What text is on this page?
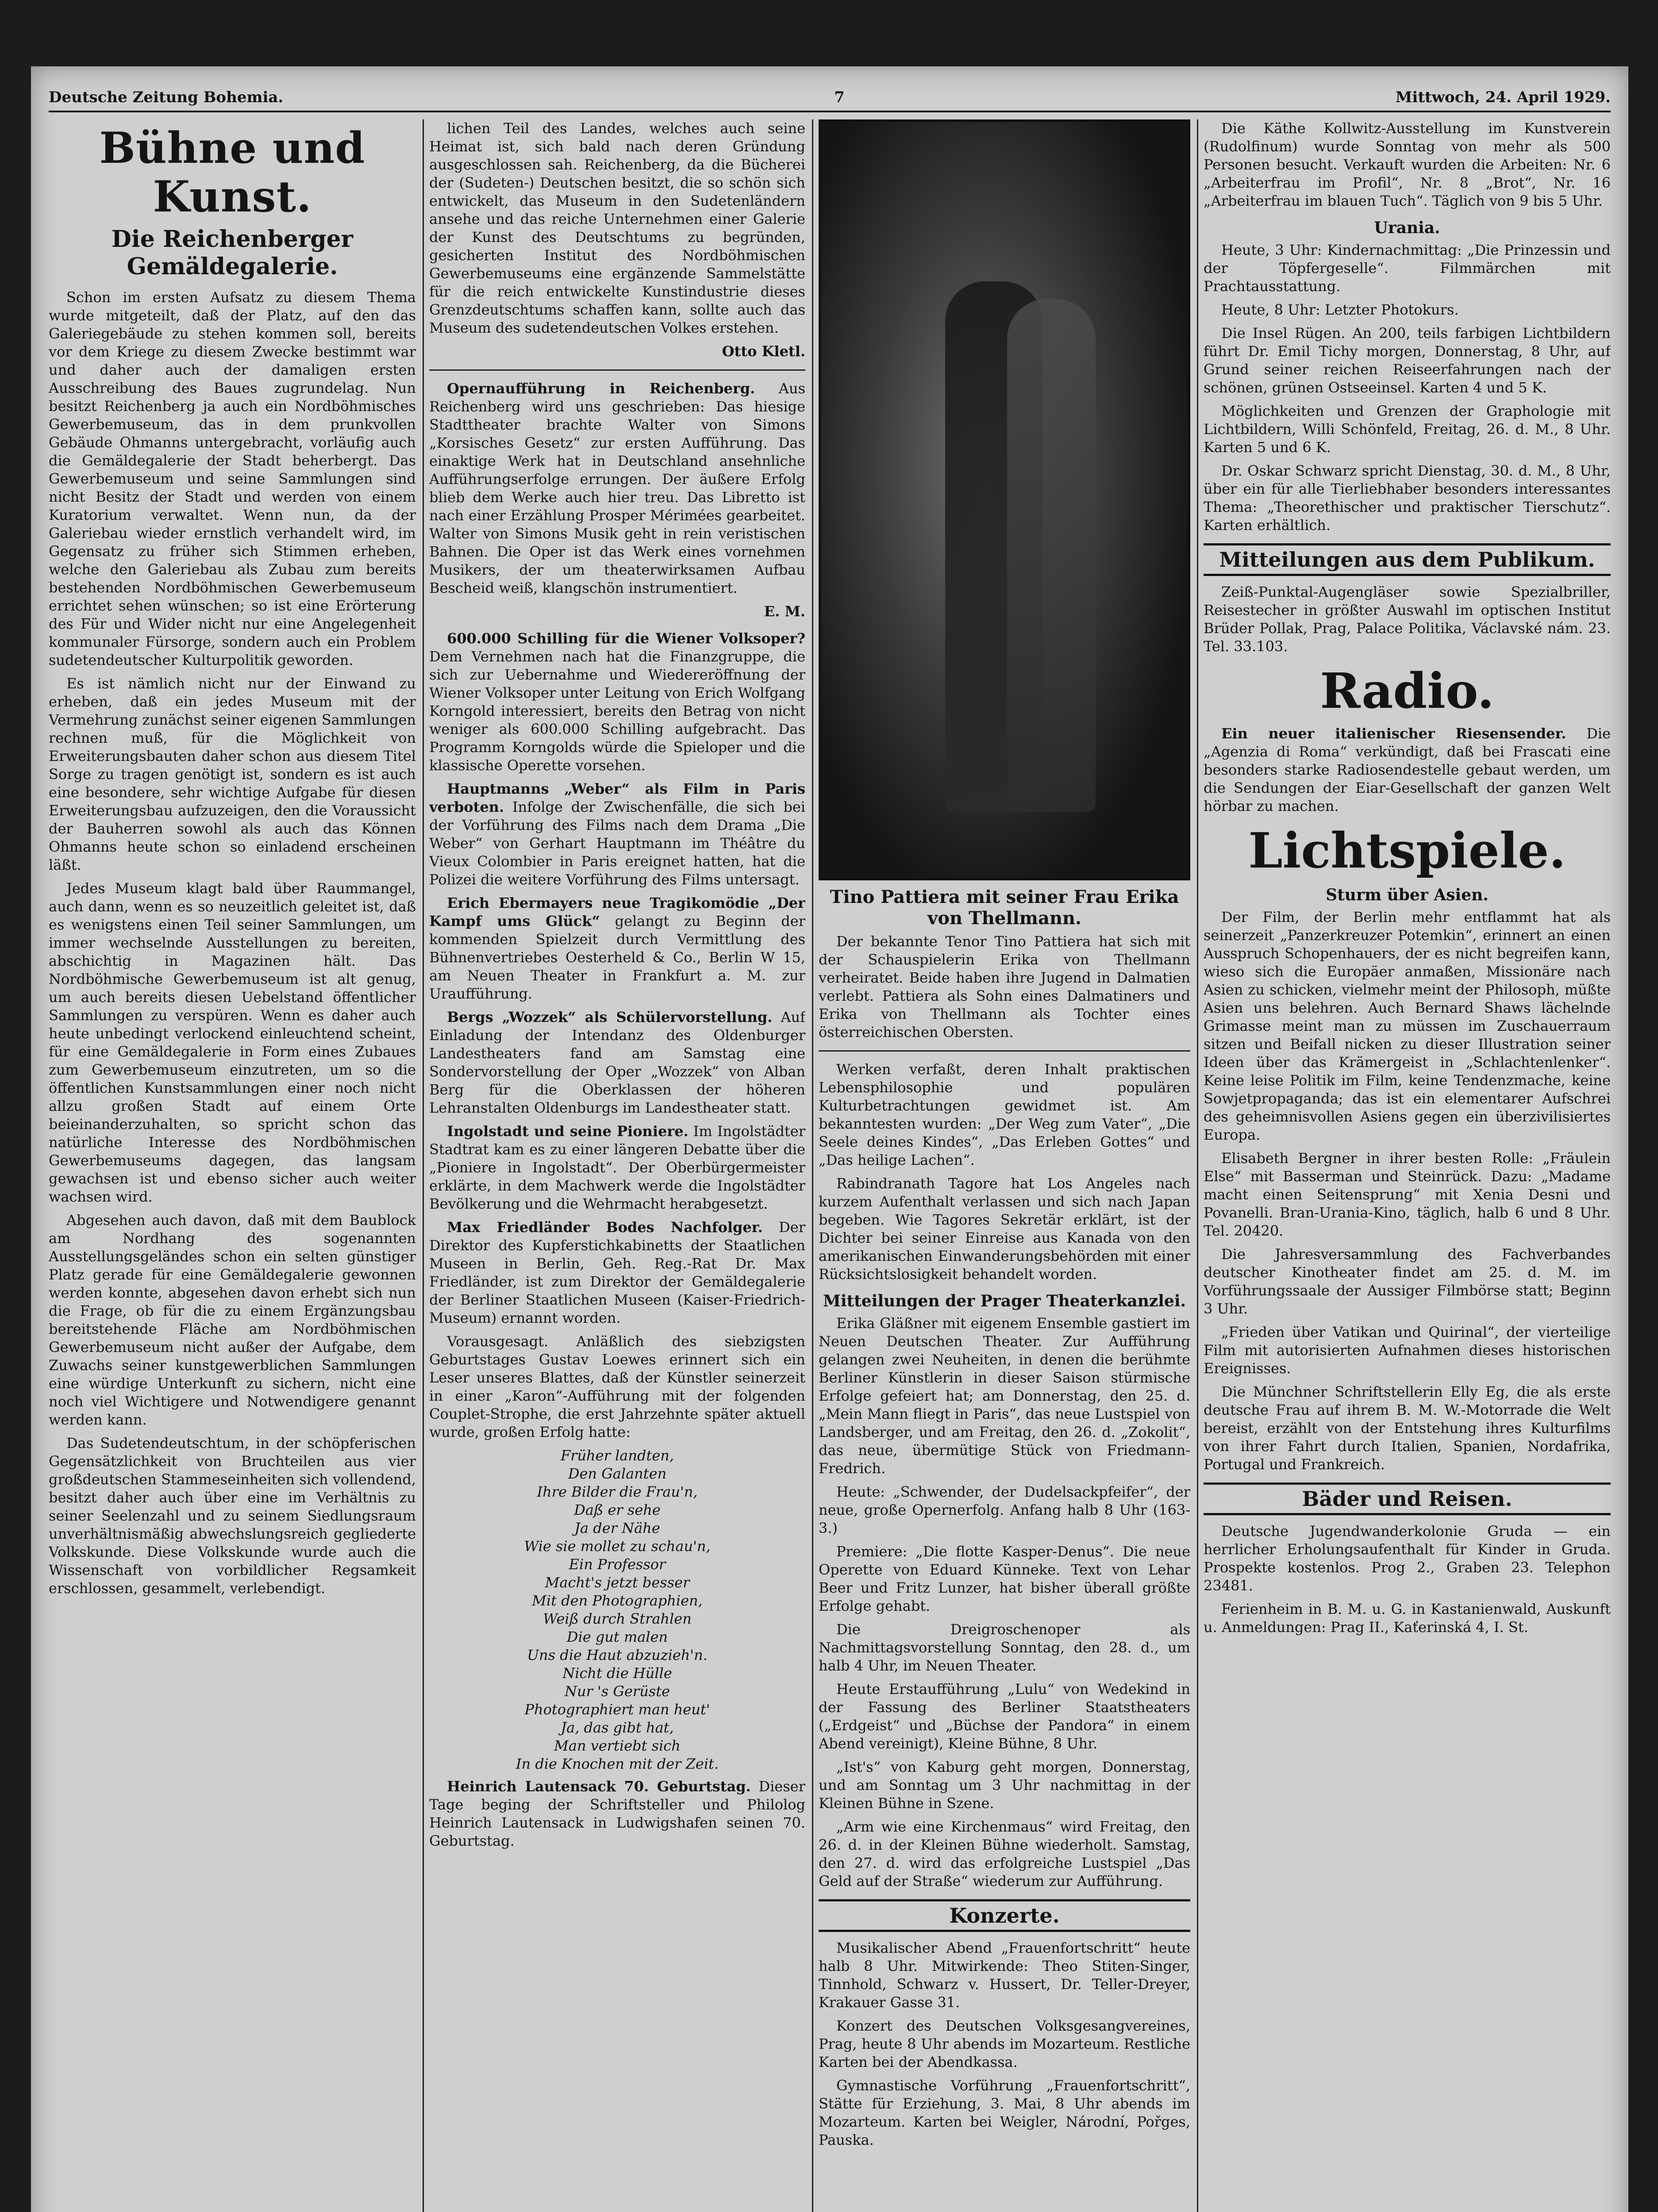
Deutsche Zeitung Bohemia.	7	Mittwoch, 24. April 1929.
Bühne und Kunst.
Die Reichenberger Gemäldegalerie.

Schon im ersten Aufsatz zu diesem Thema wurde mitgeteilt, daß der Platz, auf den das Galeriegebäude zu stehen kommen soll, bereits vor dem Kriege zu diesem Zwecke bestimmt war und daher auch der damaligen ersten Ausschreibung des Baues zugrundelag. Nun besitzt Reichenberg ja auch ein Nordböhmisches Gewerbemuseum, das in dem prunkvollen Gebäude Ohmanns untergebracht, vorläufig auch die Gemäldegalerie der Stadt beherbergt. Das Gewerbemuseum und seine Sammlungen sind nicht Besitz der Stadt und werden von einem Kuratorium verwaltet. Wenn nun, da der Galeriebau wieder ernstlich verhandelt wird, im Gegensatz zu früher sich Stimmen erheben, welche den Galeriebau als Zubau zum bereits bestehenden Nordböhmischen Gewerbemuseum errichtet sehen wünschen; so ist eine Erörterung des Für und Wider nicht nur eine Angelegenheit kommunaler Fürsorge, sondern auch ein Problem sudetendeutscher Kulturpolitik geworden.

Es ist nämlich nicht nur der Einwand zu erheben, daß ein jedes Museum mit der Vermehrung zunächst seiner eigenen Sammlungen rechnen muß, für die Möglichkeit von Erweiterungsbauten daher schon aus diesem Titel Sorge zu tragen genötigt ist, sondern es ist auch eine besondere, sehr wichtige Aufgabe für diesen Erweiterungsbau aufzuzeigen, den die Voraussicht der Bauherren sowohl als auch das Können Ohmanns heute schon so einladend erscheinen läßt.

Jedes Museum klagt bald über Raummangel, auch dann, wenn es so neuzeitlich geleitet ist, daß es wenigstens einen Teil seiner Sammlungen, um immer wechselnde Ausstellungen zu bereiten, abschichtig in Magazinen hält. Das Nordböhmische Gewerbemuseum ist alt genug, um auch bereits diesen Uebelstand öffentlicher Sammlungen zu verspüren. Wenn es daher auch heute unbedingt verlockend einleuchtend scheint, für eine Gemäldegalerie in Form eines Zubaues zum Gewerbemuseum einzutreten, um so die öffentlichen Kunstsammlungen einer noch nicht allzu großen Stadt auf einem Orte beieinanderzuhalten, so spricht schon das natürliche Interesse des Nordböhmischen Gewerbemuseums dagegen, das langsam gewachsen ist und ebenso sicher auch weiter wachsen wird.

Abgesehen auch davon, daß mit dem Baublock am Nordhang des sogenannten Ausstellungsgeländes schon ein selten günstiger Platz gerade für eine Gemäldegalerie gewonnen werden konnte, abgesehen davon erhebt sich nun die Frage, ob für die zu einem Ergänzungsbau bereitstehende Fläche am Nordböhmischen Gewerbemuseum nicht außer der Aufgabe, dem Zuwachs seiner kunstgewerblichen Sammlungen eine würdige Unterkunft zu sichern, nicht eine noch viel Wichtigere und Notwendigere genannt werden kann.

Das Sudetendeutschtum, in der schöpferischen Gegensätzlichkeit von Bruchteilen aus vier großdeutschen Stammeseinheiten sich vollendend, besitzt daher auch über eine im Verhältnis zu seiner Seelenzahl und zu seinem Siedlungsraum unverhältnismäßig abwechslungsreich gegliederte Volkskunde. Diese Volkskunde wurde auch die Wissenschaft von vorbildlicher Regsamkeit erschlossen, gesammelt, verlebendigt.

lichen Teil des Landes, welches auch seine Heimat ist, sich bald nach deren Gründung ausgeschlossen sah. Reichenberg, da die Bücherei der (Sudeten-) Deutschen besitzt, die so schön sich entwickelt, das Museum in den Sudetenländern ansehe und das reiche Unternehmen einer Galerie der Kunst des Deutschtums zu begründen, gesicherten Institut des Nordböhmischen Gewerbemuseums eine ergänzende Sammelstätte für die reich entwickelte Kunstindustrie dieses Grenzdeutschtums schaffen kann, sollte auch das Museum des sudetendeutschen Volkes erstehen.

Otto Kletl.

Opernaufführung in Reichenberg. Aus Reichenberg wird uns geschrieben: Das hiesige Stadttheater brachte Walter von Simons „Korsisches Gesetz“ zur ersten Aufführung. Das einaktige Werk hat in Deutschland ansehnliche Aufführungserfolge errungen. Der äußere Erfolg blieb dem Werke auch hier treu. Das Libretto ist nach einer Erzählung Prosper Mérimées gearbeitet. Walter von Simons Musik geht in rein veristischen Bahnen. Die Oper ist das Werk eines vornehmen Musikers, der um theaterwirksamen Aufbau Bescheid weiß, klangschön instrumentiert.

E. M.

600.000 Schilling für die Wiener Volksoper? Dem Vernehmen nach hat die Finanzgruppe, die sich zur Uebernahme und Wiedereröffnung der Wiener Volksoper unter Leitung von Erich Wolfgang Korngold interessiert, bereits den Betrag von nicht weniger als 600.000 Schilling aufgebracht. Das Programm Korngolds würde die Spieloper und die klassische Operette vorsehen.

Hauptmanns „Weber“ als Film in Paris verboten. Infolge der Zwischenfälle, die sich bei der Vorführung des Films nach dem Drama „Die Weber“ von Gerhart Hauptmann im Théâtre du Vieux Colombier in Paris ereignet hatten, hat die Polizei die weitere Vorführung des Films untersagt.

Erich Ebermayers neue Tragikomödie „Der Kampf ums Glück“ gelangt zu Beginn der kommenden Spielzeit durch Vermittlung des Bühnenvertriebes Oesterheld & Co., Berlin W 15, am Neuen Theater in Frankfurt a. M. zur Uraufführung.

Bergs „Wozzek“ als Schülervorstellung. Auf Einladung der Intendanz des Oldenburger Landestheaters fand am Samstag eine Sondervorstellung der Oper „Wozzek“ von Alban Berg für die Oberklassen der höheren Lehranstalten Oldenburgs im Landestheater statt.

Ingolstadt und seine Pioniere. Im Ingolstädter Stadtrat kam es zu einer längeren Debatte über die „Pioniere in Ingolstadt“. Der Oberbürgermeister erklärte, in dem Machwerk werde die Ingolstädter Bevölkerung und die Wehrmacht herabgesetzt.

Max Friedländer Bodes Nachfolger. Der Direktor des Kupferstichkabinetts der Staatlichen Museen in Berlin, Geh. Reg.-Rat Dr. Max Friedländer, ist zum Direktor der Gemäldegalerie der Berliner Staatlichen Museen (Kaiser-Friedrich-Museum) ernannt worden.

Vorausgesagt. Anläßlich des siebzigsten Geburtstages Gustav Loewes erinnert sich ein Leser unseres Blattes, daß der Künstler seinerzeit in einer „Karon“-Aufführung mit der folgenden Couplet-Strophe, die erst Jahrzehnte später aktuell wurde, großen Erfolg hatte:

Früher landten,
Den Galanten
Ihre Bilder die Frau'n,
Daß er sehe
Ja der Nähe
Wie sie mollet zu schau'n,
Ein Professor
Macht's jetzt besser
Mit den Photographien,
Weiß durch Strahlen
Die gut malen
Uns die Haut abzuzieh'n.
Nicht die Hülle
Nur 's Gerüste
Photographiert man heut'
Ja, das gibt hat,
Man vertiebt sich
In die Knochen mit der Zeit.

Heinrich Lautensack 70. Geburtstag. Dieser Tage beging der Schriftsteller und Philolog Heinrich Lautensack in Ludwigshafen seinen 70. Geburtstag.

Tino Pattiera mit seiner Frau Erika von Thellmann.

Der bekannte Tenor Tino Pattiera hat sich mit der Schauspielerin Erika von Thellmann verheiratet. Beide haben ihre Jugend in Dalmatien verlebt. Pattiera als Sohn eines Dalmatiners und Erika von Thellmann als Tochter eines österreichischen Obersten.

Werken verfaßt, deren Inhalt praktischen Lebensphilosophie und populären Kulturbetrachtungen gewidmet ist. Am bekanntesten wurden: „Der Weg zum Vater“, „Die Seele deines Kindes“, „Das Erleben Gottes“ und „Das heilige Lachen“.

Rabindranath Tagore hat Los Angeles nach kurzem Aufenthalt verlassen und sich nach Japan begeben. Wie Tagores Sekretär erklärt, ist der Dichter bei seiner Einreise aus Kanada von den amerikanischen Einwanderungsbehörden mit einer Rücksichtslosigkeit behandelt worden.

Mitteilungen der Prager Theaterkanzlei.

Erika Gläßner mit eigenem Ensemble gastiert im Neuen Deutschen Theater. Zur Aufführung gelangen zwei Neuheiten, in denen die berühmte Berliner Künstlerin in dieser Saison stürmische Erfolge gefeiert hat; am Donnerstag, den 25. d. „Mein Mann fliegt in Paris“, das neue Lustspiel von Landsberger, und am Freitag, den 26. d. „Zokolit“, das neue, übermütige Stück von Friedmann-Fredrich.

Heute: „Schwender, der Dudelsackpfeifer“, der neue, große Opernerfolg. Anfang halb 8 Uhr (163-3.)

Premiere: „Die flotte Kasper-Denus“. Die neue Operette von Eduard Künneke. Text von Lehar Beer und Fritz Lunzer, hat bisher überall größte Erfolge gehabt.

Die Dreigroschenoper als Nachmittagsvorstellung Sonntag, den 28. d., um halb 4 Uhr, im Neuen Theater.

Heute Erstaufführung „Lulu“ von Wedekind in der Fassung des Berliner Staatstheaters („Erdgeist“ und „Büchse der Pandora“ in einem Abend vereinigt), Kleine Bühne, 8 Uhr.

„Ist's“ von Kaburg geht morgen, Donnerstag, und am Sonntag um 3 Uhr nachmittag in der Kleinen Bühne in Szene.

„Arm wie eine Kirchenmaus“ wird Freitag, den 26. d. in der Kleinen Bühne wiederholt. Samstag, den 27. d. wird das erfolgreiche Lustspiel „Das Geld auf der Straße“ wiederum zur Aufführung.

Konzerte.

Musikalischer Abend „Frauenfortschritt“ heute halb 8 Uhr. Mitwirkende: Theo Stiten-Singer, Tinnhold, Schwarz v. Hussert, Dr. Teller-Dreyer, Krakauer Gasse 31.

Konzert des Deutschen Volksgesangvereines, Prag, heute 8 Uhr abends im Mozarteum. Restliche Karten bei der Abendkassa.

Gymnastische Vorführung „Frauenfortschritt“, Stätte für Erziehung, 3. Mai, 8 Uhr abends im Mozarteum. Karten bei Weigler, Národní, Pořges, Pauska.

Die Käthe Kollwitz-Ausstellung im Kunstverein (Rudolfinum) wurde Sonntag von mehr als 500 Personen besucht. Verkauft wurden die Arbeiten: Nr. 6 „Arbeiterfrau im Profil“, Nr. 8 „Brot“, Nr. 16 „Arbeiterfrau im blauen Tuch“. Täglich von 9 bis 5 Uhr.

Urania.

Heute, 3 Uhr: Kindernachmittag: „Die Prinzessin und der Töpfergeselle“. Filmmärchen mit Prachtausstattung.

Heute, 8 Uhr: Letzter Photokurs.

Die Insel Rügen. An 200, teils farbigen Lichtbildern führt Dr. Emil Tichy morgen, Donnerstag, 8 Uhr, auf Grund seiner reichen Reiseerfahrungen nach der schönen, grünen Ostseeinsel. Karten 4 und 5 K.

Möglichkeiten und Grenzen der Graphologie mit Lichtbildern, Willi Schönfeld, Freitag, 26. d. M., 8 Uhr. Karten 5 und 6 K.

Dr. Oskar Schwarz spricht Dienstag, 30. d. M., 8 Uhr, über ein für alle Tierliebhaber besonders interessantes Thema: „Theorethischer und praktischer Tierschutz“. Karten erhältlich.

Mitteilungen aus dem Publikum.

Zeiß-Punktal-Augengläser sowie Spezialbriller, Reisestecher in größter Auswahl im optischen Institut Brüder Pollak, Prag, Palace Politika, Václavské nám. 23. Tel. 33.103.

Radio.

Ein neuer italienischer Riesensender. Die „Agenzia di Roma“ verkündigt, daß bei Frascati eine besonders starke Radiosendestelle gebaut werden, um die Sendungen der Eiar-Gesellschaft der ganzen Welt hörbar zu machen.

Lichtspiele.
Sturm über Asien.

Der Film, der Berlin mehr entflammt hat als seinerzeit „Panzerkreuzer Potemkin“, erinnert an einen Ausspruch Schopenhauers, der es nicht begreifen kann, wieso sich die Europäer anmaßen, Missionäre nach Asien zu schicken, vielmehr meint der Philosoph, müßte Asien uns belehren. Auch Bernard Shaws lächelnde Grimasse meint man zu müssen im Zuschauerraum sitzen und Beifall nicken zu dieser Illustration seiner Ideen über das Krämergeist in „Schlachtenlenker“. Keine leise Politik im Film, keine Tendenzmache, keine Sowjetpropaganda; das ist ein elementarer Aufschrei des geheimnisvollen Asiens gegen ein überzivilisiertes Europa.

Elisabeth Bergner in ihrer besten Rolle: „Fräulein Else“ mit Basserman und Steinrück. Dazu: „Madame macht einen Seitensprung“ mit Xenia Desni und Povanelli. Bran-Urania-Kino, täglich, halb 6 und 8 Uhr. Tel. 20420.

Die Jahresversammlung des Fachverbandes deutscher Kinotheater findet am 25. d. M. im Vorführungssaale der Aussiger Filmbörse statt; Beginn 3 Uhr.

„Frieden über Vatikan und Quirinal“, der vierteilige Film mit autorisierten Aufnahmen dieses historischen Ereignisses.

Die Münchner Schriftstellerin Elly Eg, die als erste deutsche Frau auf ihrem B. M. W.-Motorrade die Welt bereist, erzählt von der Entstehung ihres Kulturfilms von ihrer Fahrt durch Italien, Spanien, Nordafrika, Portugal und Frankreich.

Bäder und Reisen.

Deutsche Jugendwanderkolonie Gruda — ein herrlicher Erholungsaufenthalt für Kinder in Gruda. Prospekte kostenlos. Prog 2., Graben 23. Telephon 23481.

Ferienheim in B. M. u. G. in Kastanienwald, Auskunft u. Anmeldungen: Prag II., Kaťerinská 4, I. St.
